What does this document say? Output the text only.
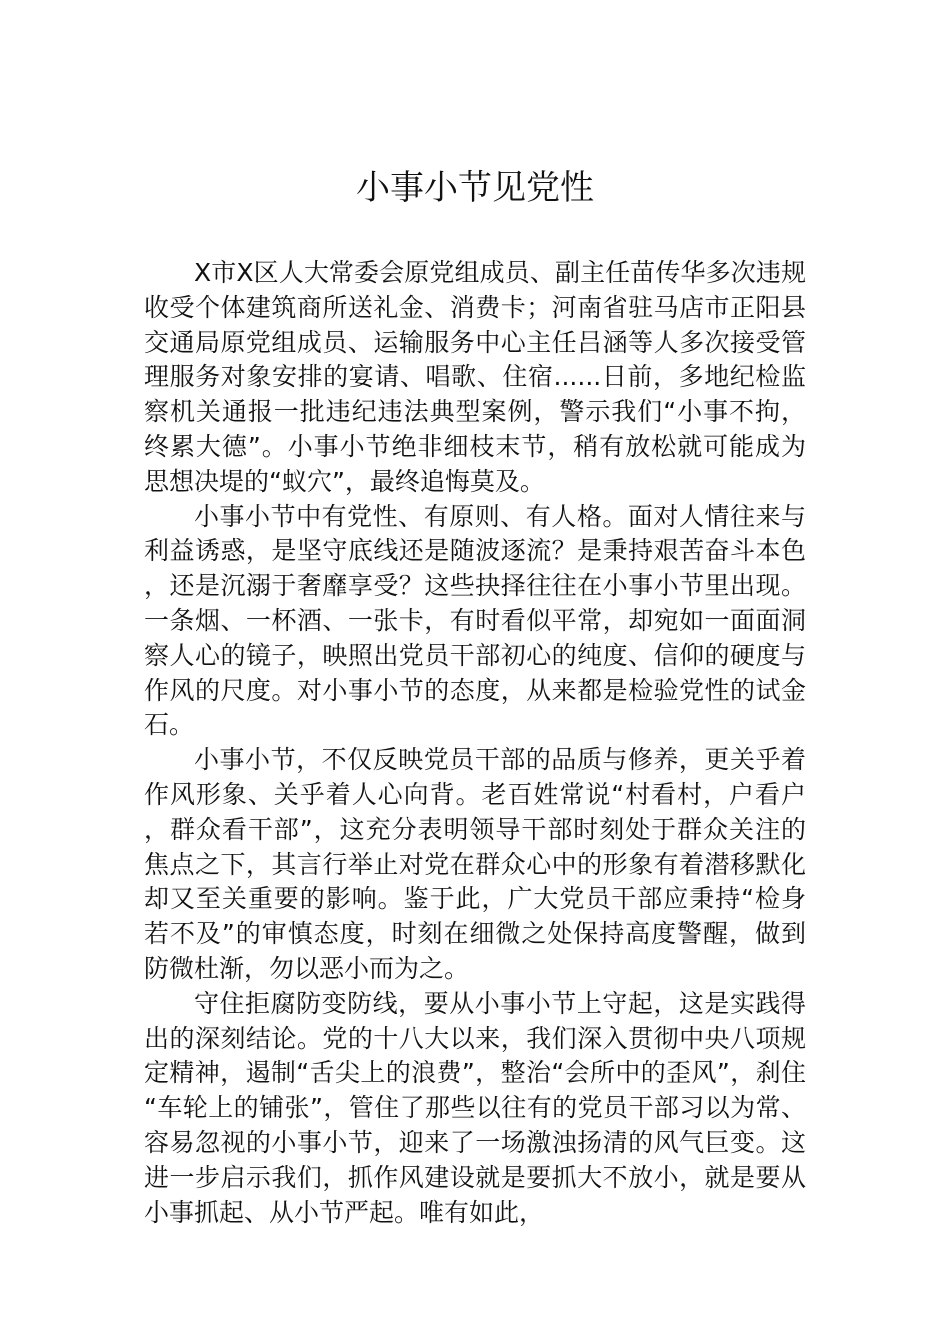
小事小节见党性

X市X区人大常委会原党组成员、副主任苗传华多次违规收受个体建筑商所送礼金、消费卡；河南省驻马店市正阳县交通局原党组成员、运输服务中心主任吕涵等人多次接受管理服务对象安排的宴请、唱歌、住宿......日前，多地纪检监察机关通报一批违纪违法典型案例，警示我们“小事不拘，终累大德”。小事小节绝非细枝末节，稍有放松就可能成为思想决堤的“蚁穴”，最终追悔莫及。

小事小节中有党性、有原则、有人格。面对人情往来与利益诱惑，是坚守底线还是随波逐流？是秉持艰苦奋斗本色，还是沉溺于奢靡享受？这些抉择往往在小事小节里出现。一条烟、一杯酒、一张卡，有时看似平常，却宛如一面面洞察人心的镜子，映照出党员干部初心的纯度、信仰的硬度与作风的尺度。对小事小节的态度，从来都是检验党性的试金石。

小事小节，不仅反映党员干部的品质与修养，更关乎着作风形象、关乎着人心向背。老百姓常说“村看村，户看户，群众看干部”，这充分表明领导干部时刻处于群众关注的焦点之下，其言行举止对党在群众心中的形象有着潜移默化却又至关重要的影响。鉴于此，广大党员干部应秉持“检身若不及”的审慎态度，时刻在细微之处保持高度警醒，做到防微杜渐，勿以恶小而为之。

守住拒腐防变防线，要从小事小节上守起，这是实践得出的深刻结论。党的十八大以来，我们深入贯彻中央八项规定精神，遏制“舌尖上的浪费”，整治“会所中的歪风”，刹住“车轮上的铺张”，管住了那些以往有的党员干部习以为常、容易忽视的小事小节，迎来了一场激浊扬清的风气巨变。这进一步启示我们，抓作风建设就是要抓大不放小，就是要从小事抓起、从小节严起。唯有如此，
